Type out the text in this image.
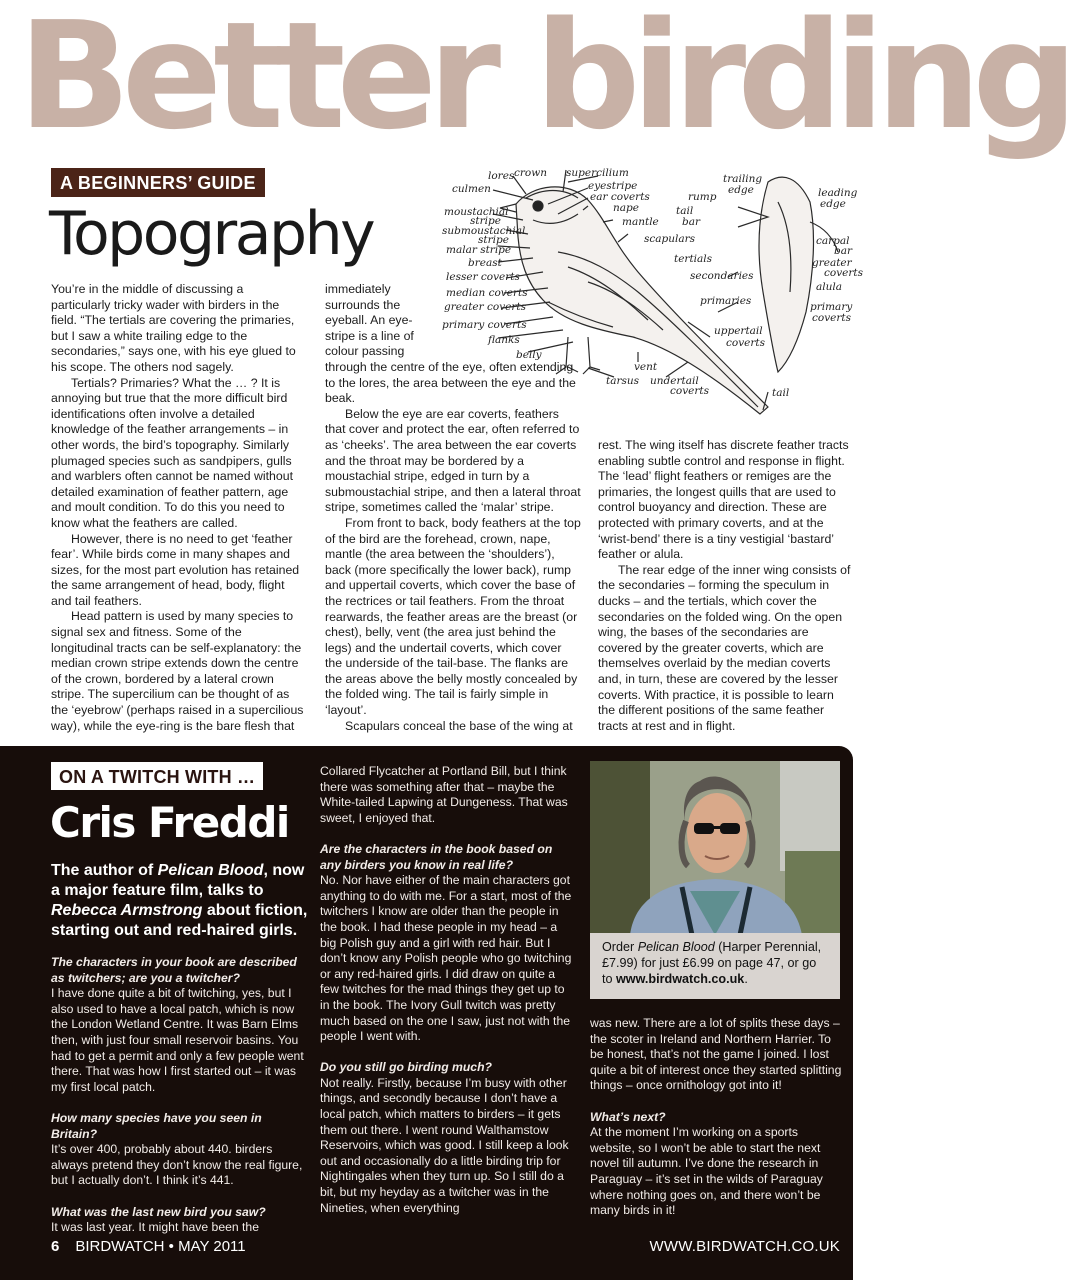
Better birding
A BEGINNERS’ GUIDE
Topography
lores crown supercilium
culmen	eyestripe
ear coverts
nape
moustachial
stripe
submoustachial
stripe
malar stripe
mantle
breast
scapulars
lesser coverts
median coverts
greater coverts
primary coverts
flanks
belly
vent
tarsus undertail
coverts
tertials
secondaries
primaries
uppertail
coverts
rump
tail
bar
trailing
edge	leading
edge
carpal
bar
greater
coverts
alula
primary
coverts
tail

You’re in the middle of discussing a particularly tricky wader with birders in the field. “The tertials are covering the primaries, but I saw a white trailing edge to the secondaries,” says one, with his eye glued to his scope. The others nod sagely.

Tertials? Primaries? What the … ? It is annoying but true that the more difficult bird identifications often involve a detailed knowledge of the feather arrangements – in other words, the bird’s topography. Similarly plumaged species such as sandpipers, gulls and warblers often cannot be named without detailed examination of feather pattern, age and moult condition. To do this you need to know what the feathers are called.

However, there is no need to get ‘feather fear’. While birds come in many shapes and sizes, for the most part evolution has retained the same arrangement of head, body, flight and tail feathers.

Head pattern is used by many species to signal sex and fitness. Some of the longitudinal tracts can be self-explanatory: the median crown stripe extends down the centre of the crown, bordered by a lateral crown stripe. The supercilium can be thought of as the ‘eyebrow’ (perhaps raised in a supercilious way), while the eye-ring is the bare flesh that

immediately surrounds the eyeball. An eye-stripe is a line of colour passing

through the centre of the eye, often extending to the lores, the area between the eye and the beak.

Below the eye are ear coverts, feathers that cover and protect the ear, often referred to as ‘cheeks’. The area between the ear coverts and the throat may be bordered by a moustachial stripe, edged in turn by a submoustachial stripe, and then a lateral throat stripe, sometimes called the ‘malar’ stripe.

From front to back, body feathers at the top of the bird are the forehead, crown, nape, mantle (the area between the ‘shoulders’), back (more specifically the lower back), rump and uppertail coverts, which cover the base of the rectrices or tail feathers. From the throat rearwards, the feather areas are the breast (or chest), belly, vent (the area just behind the legs) and the undertail coverts, which cover the underside of the tail-base. The flanks are the areas above the belly mostly concealed by the folded wing. The tail is fairly simple in ‘layout’.

Scapulars conceal the base of the wing at

rest. The wing itself has discrete feather tracts enabling subtle control and response in flight. The ‘lead’ flight feathers or remiges are the primaries, the longest quills that are used to control buoyancy and direction. These are protected with primary coverts, and at the ‘wrist-bend’ there is a tiny vestigial ‘bastard’ feather or alula.

The rear edge of the inner wing consists of the secondaries – forming the speculum in ducks – and the tertials, which cover the secondaries on the folded wing. On the open wing, the bases of the secondaries are covered by the greater coverts, which are themselves overlaid by the median coverts and, in turn, these are covered by the lesser coverts. With practice, it is possible to learn the different positions of the same feather tracts at rest and in flight.

ON A TWITCH WITH …
Cris Freddi
The author of Pelican Blood, now a major feature film, talks to Rebecca Armstrong about fiction, starting out and red-haired girls.

The characters in your book are described as twitchers; are you a twitcher?

I have done quite a bit of twitching, yes, but I also used to have a local patch, which is now the London Wetland Centre. It was Barn Elms then, with just four small reservoir basins. You had to get a permit and only a few people went there. That was how I first started out – it was my first local patch.

How many species have you seen in Britain?

It’s over 400, probably about 440. birders always pretend they don’t know the real figure, but I actually don’t. I think it’s 441.

What was the last new bird you saw?

It was last year. It might have been the

Collared Flycatcher at Portland Bill, but I think there was something after that – maybe the White-tailed Lapwing at Dungeness. That was sweet, I enjoyed that.

Are the characters in the book based on any birders you know in real life?

No. Nor have either of the main characters got anything to do with me. For a start, most of the twitchers I know are older than the people in the book. I had these people in my head – a big Polish guy and a girl with red hair. But I don’t know any Polish people who go twitching or any red-haired girls. I did draw on quite a few twitches for the mad things they get up to in the book. The Ivory Gull twitch was pretty much based on the one I saw, just not with the people I went with.

Do you still go birding much?

Not really. Firstly, because I’m busy with other things, and secondly because I don’t have a local patch, which matters to birders – it gets them out there. I went round Walthamstow Reservoirs, which was good. I still keep a look out and occasionally do a little birding trip for Nightingales when they turn up. So I still do a bit, but my heyday as a twitcher was in the Nineties, when everything

Order Pelican Blood (Harper Perennial, £7.99) for just £6.99 on page 47, or go to www.birdwatch.co.uk.

was new. There are a lot of splits these days – the scoter in Ireland and Northern Harrier. To be honest, that’s not the game I joined. I lost quite a bit of interest once they started splitting things – once ornithology got into it!

What’s next?

At the moment I’m working on a sports website, so I won’t be able to start the next novel till autumn. I’ve done the research in Paraguay – it’s set in the wilds of Paraguay where nothing goes on, and there won’t be many birds in it!

6 BIRDWATCH • MAY 2011	WWW.BIRDWATCH.CO.UK
